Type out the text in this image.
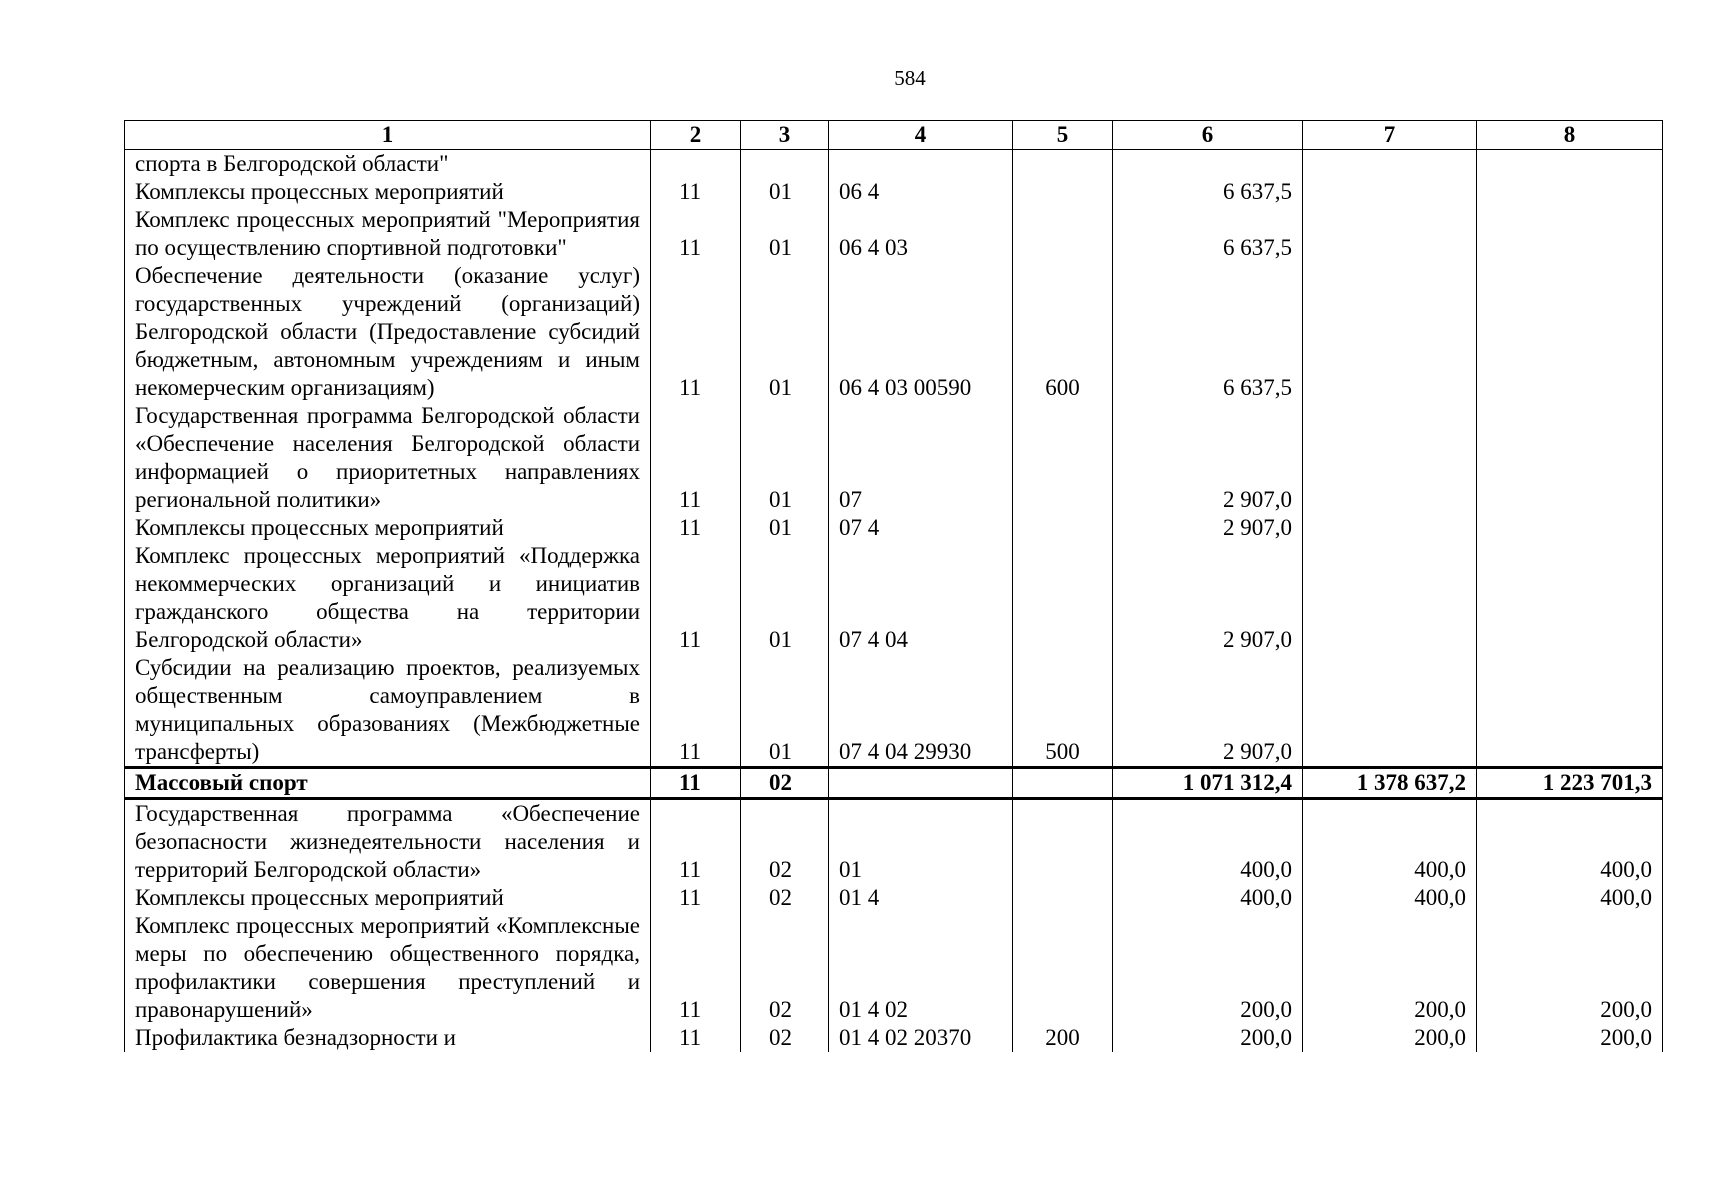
584
1	2	3	4	5	6	7	8
спорта в Белгородской области"							
Комплексы процессных мероприятий	11	01	06 4		6 637,5		
Комплекс процессных мероприятий "Мероприятия по осуществлению спортивной подготовки"	11	01	06 4 03		6 637,5		
Обеспечение деятельности (оказание услуг) государственных учреждений (организаций) Белгородской области (Предоставление субсидий бюджетным, автономным учреждениям и иным некомерческим организациям)	11	01	06 4 03 00590	600	6 637,5		
Государственная программа Белгородской области «Обеспечение населения Белгородской области информацией о приоритетных направлениях региональной политики»	11	01	07		2 907,0		
Комплексы процессных мероприятий	11	01	07 4		2 907,0		
Комплекс процессных мероприятий «Поддержка некоммерческих организаций и инициатив гражданского общества на территории Белгородской области»	11	01	07 4 04		2 907,0		
Субсидии на реализацию проектов, реализуемых общественным самоуправлением в муниципальных образованиях (Межбюджетные трансферты)	11	01	07 4 04 29930	500	2 907,0		
Массовый спорт	11	02			1 071 312,4	1 378 637,2	1 223 701,3
Государственная программа «Обеспечение безопасности жизнедеятельности населения и территорий Белгородской области»	11	02	01		400,0	400,0	400,0
Комплексы процессных мероприятий	11	02	01 4		400,0	400,0	400,0
Комплекс процессных мероприятий «Комплексные меры по обеспечению общественного порядка, профилактики совершения преступлений и правонарушений»	11	02	01 4 02		200,0	200,0	200,0
Профилактика безнадзорности и	11	02	01 4 02 20370	200	200,0	200,0	200,0
